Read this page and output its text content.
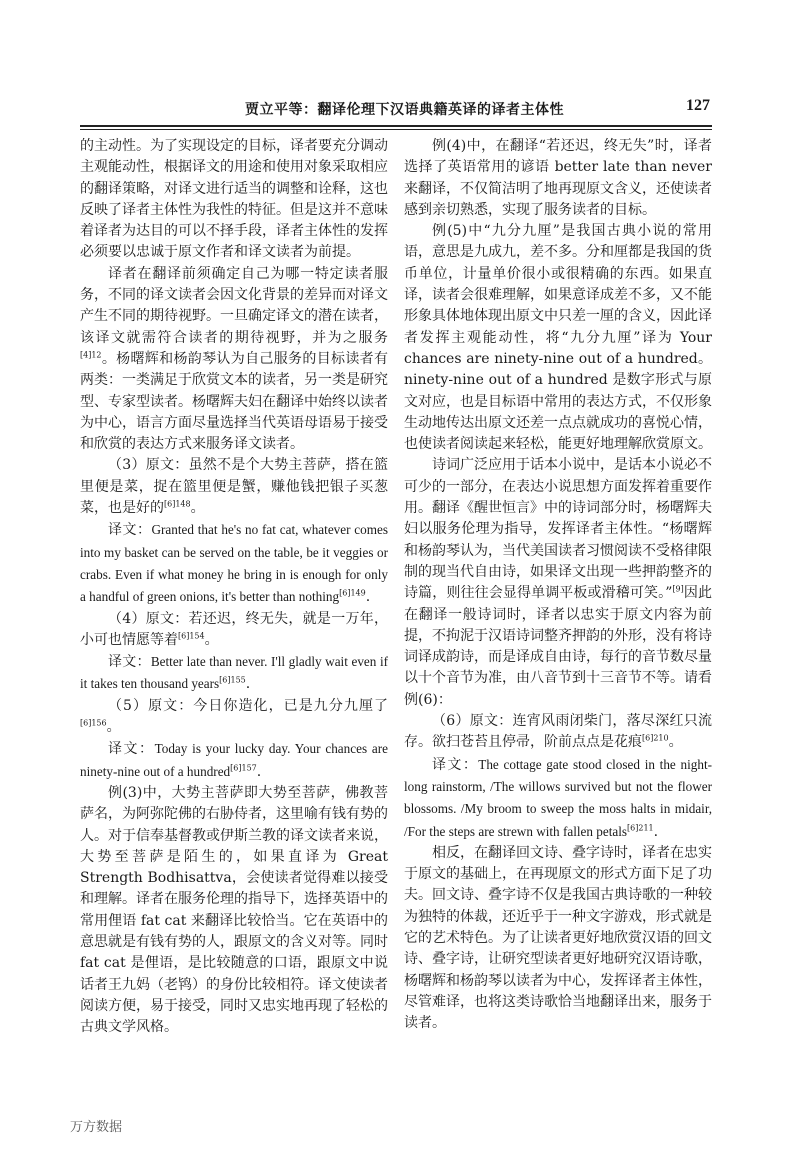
贾立平等：翻译伦理下汉语典籍英译的译者主体性	127

的主动性。为了实现设定的目标，译者要充分调动主观能动性，根据译文的用途和使用对象采取相应的翻译策略，对译文进行适当的调整和诠释，这也反映了译者主体性为我性的特征。但是这并不意味着译者为达目的可以不择手段，译者主体性的发挥必须要以忠诚于原文作者和译文读者为前提。

译者在翻译前须确定自己为哪一特定读者服务，不同的译文读者会因文化背景的差异而对译文产生不同的期待视野。一旦确定译文的潜在读者，该译文就需符合读者的期待视野，并为之服务$^{[4]12}$。杨曙辉和杨韵琴认为自己服务的目标读者有两类：一类满足于欣赏文本的读者，另一类是研究型、专家型读者。杨曙辉夫妇在翻译中始终以读者为中心，语言方面尽量选择当代英语母语易于接受和欣赏的表达方式来服务译文读者。

（3）原文：虽然不是个大势主菩萨，搭在篮里便是菜，捉在篮里便是蟹，赚他钱把银子买葱菜，也是好的$^{[6]148}$。

译文：Granted that he's no fat cat, whatever comes into my basket can be served on the table, be it veggies or crabs. Even if what money he bring in is enough for only a handful of green onions, it's better than nothing$^{[6]149}$.

（4）原文：若还迟，终无失，就是一万年，小可也情愿等着$^{[6]154}$。

译文：Better late than never. I'll gladly wait even if it takes ten thousand years$^{[6]155}$.

（5）原文：今日你造化，已是九分九厘了$^{[6]156}$。

译文：Today is your lucky day. Your chances are ninety-nine out of a hundred$^{[6]157}$.

例(3)中，大势主菩萨即大势至菩萨，佛教菩萨名，为阿弥陀佛的右胁侍者，这里喻有钱有势的人。对于信奉基督教或伊斯兰教的译文读者来说，大势至菩萨是陌生的，如果直译为 Great Strength Bodhisattva，会使读者觉得难以接受和理解。译者在服务伦理的指导下，选择英语中的常用俚语 fat cat 来翻译比较恰当。它在英语中的意思就是有钱有势的人，跟原文的含义对等。同时 fat cat 是俚语，是比较随意的口语，跟原文中说话者王九妈（老鸨）的身份比较相符。译文使读者阅读方便，易于接受，同时又忠实地再现了轻松的古典文学风格。

例(4)中，在翻译“若还迟，终无失”时，译者选择了英语常用的谚语 better late than never 来翻译，不仅简洁明了地再现原文含义，还使读者感到亲切熟悉，实现了服务读者的目标。

例(5)中“九分九厘”是我国古典小说的常用语，意思是九成九，差不多。分和厘都是我国的货币单位，计量单价很小或很精确的东西。如果直译，读者会很难理解，如果意译成差不多，又不能形象具体地体现出原文中只差一厘的含义，因此译者发挥主观能动性，将“九分九厘”译为 Your chances are ninety-nine out of a hundred。ninety-nine out of a hundred 是数字形式与原文对应，也是目标语中常用的表达方式，不仅形象生动地传达出原文还差一点点就成功的喜悦心情，也使读者阅读起来轻松，能更好地理解欣赏原文。

诗词广泛应用于话本小说中，是话本小说必不可少的一部分，在表达小说思想方面发挥着重要作用。翻译《醒世恒言》中的诗词部分时，杨曙辉夫妇以服务伦理为指导，发挥译者主体性。“杨曙辉和杨韵琴认为，当代美国读者习惯阅读不受格律限制的现当代自由诗，如果译文出现一些押韵整齐的诗篇，则往往会显得单调平板或滑稽可笑。”[9]因此在翻译一般诗词时，译者以忠实于原文内容为前提，不拘泥于汉语诗词整齐押韵的外形，没有将诗词译成韵诗，而是译成自由诗，每行的音节数尽量以十个音节为准，由八音节到十三音节不等。请看例(6)：

（6）原文：连宵风雨闭柴门，落尽深红只流存。欲扫苍苔且停帚，阶前点点是花痕$^{[6]210}$。

译文：The cottage gate stood closed in the night-long rainstorm, /The willows survived but not the flower blossoms. /My broom to sweep the moss halts in midair, /For the steps are strewn with fallen petals$^{[6]211}$.

相反，在翻译回文诗、叠字诗时，译者在忠实于原文的基础上，在再现原文的形式方面下足了功夫。回文诗、叠字诗不仅是我国古典诗歌的一种较为独特的体裁，还近乎于一种文字游戏，形式就是它的艺术特色。为了让读者更好地欣赏汉语的回文诗、叠字诗，让研究型读者更好地研究汉语诗歌，杨曙辉和杨韵琴以读者为中心，发挥译者主体性，尽管难译，也将这类诗歌恰当地翻译出来，服务于读者。

万方数据
